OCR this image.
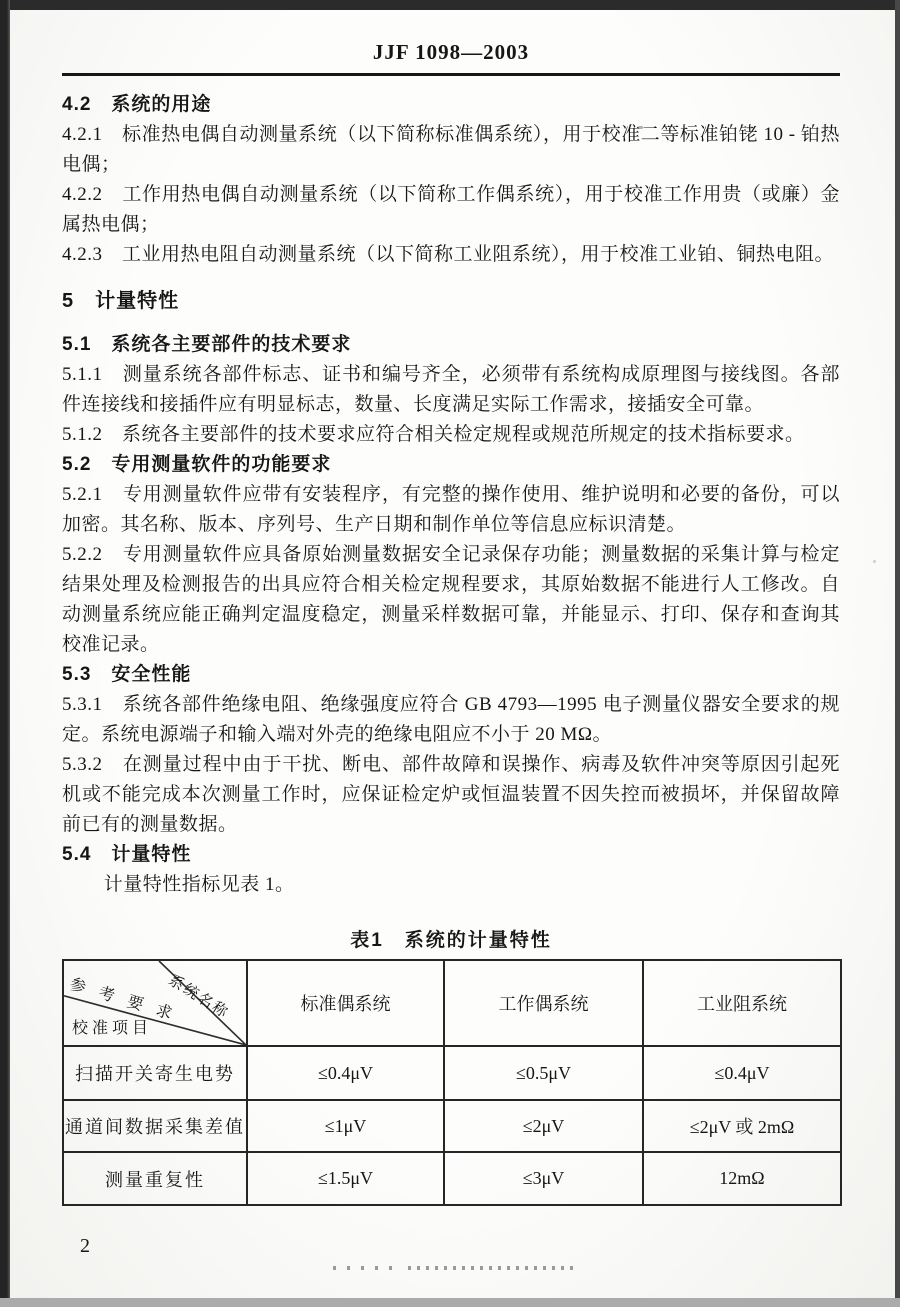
JJF 1098—2003

4.2　系统的用途

4.2.1　标准热电偶自动测量系统（以下简称标准偶系统），用于校准二等标准铂铑 10 - 铂热电偶；

4.2.2　工作用热电偶自动测量系统（以下简称工作偶系统），用于校准工作用贵（或廉）金属热电偶；

4.2.3　工业用热电阻自动测量系统（以下简称工业阻系统），用于校准工业铂、铜热电阻。

5　计量特性

5.1　系统各主要部件的技术要求

5.1.1　测量系统各部件标志、证书和编号齐全，必须带有系统构成原理图与接线图。各部件连接线和接插件应有明显标志，数量、长度满足实际工作需求，接插安全可靠。

5.1.2　系统各主要部件的技术要求应符合相关检定规程或规范所规定的技术指标要求。

5.2　专用测量软件的功能要求

5.2.1　专用测量软件应带有安装程序，有完整的操作使用、维护说明和必要的备份，可以加密。其名称、版本、序列号、生产日期和制作单位等信息应标识清楚。

5.2.2　专用测量软件应具备原始测量数据安全记录保存功能；测量数据的采集计算与检定结果处理及检测报告的出具应符合相关检定规程要求，其原始数据不能进行人工修改。自动测量系统应能正确判定温度稳定，测量采样数据可靠，并能显示、打印、保存和查询其校准记录。

5.3　安全性能

5.3.1　系统各部件绝缘电阻、绝缘强度应符合 GB 4793—1995 电子测量仪器安全要求的规定。系统电源端子和输入端对外壳的绝缘电阻应不小于 20 MΩ。

5.3.2　在测量过程中由于干扰、断电、部件故障和误操作、病毒及软件冲突等原因引起死机或不能完成本次测量工作时，应保证检定炉或恒温装置不因失控而被损坏，并保留故障前已有的测量数据。

5.4　计量特性

计量特性指标见表 1。

表1　系统的计量特性
系统名称
参 考 要 求
校准项目	标准偶系统	工作偶系统	工业阻系统
扫描开关寄生电势	≤0.4μV	≤0.5μV	≤0.4μV
通道间数据采集差值	≤1μV	≤2μV	≤2μV 或 2mΩ
测量重复性	≤1.5μV	≤3μV	12mΩ
2
